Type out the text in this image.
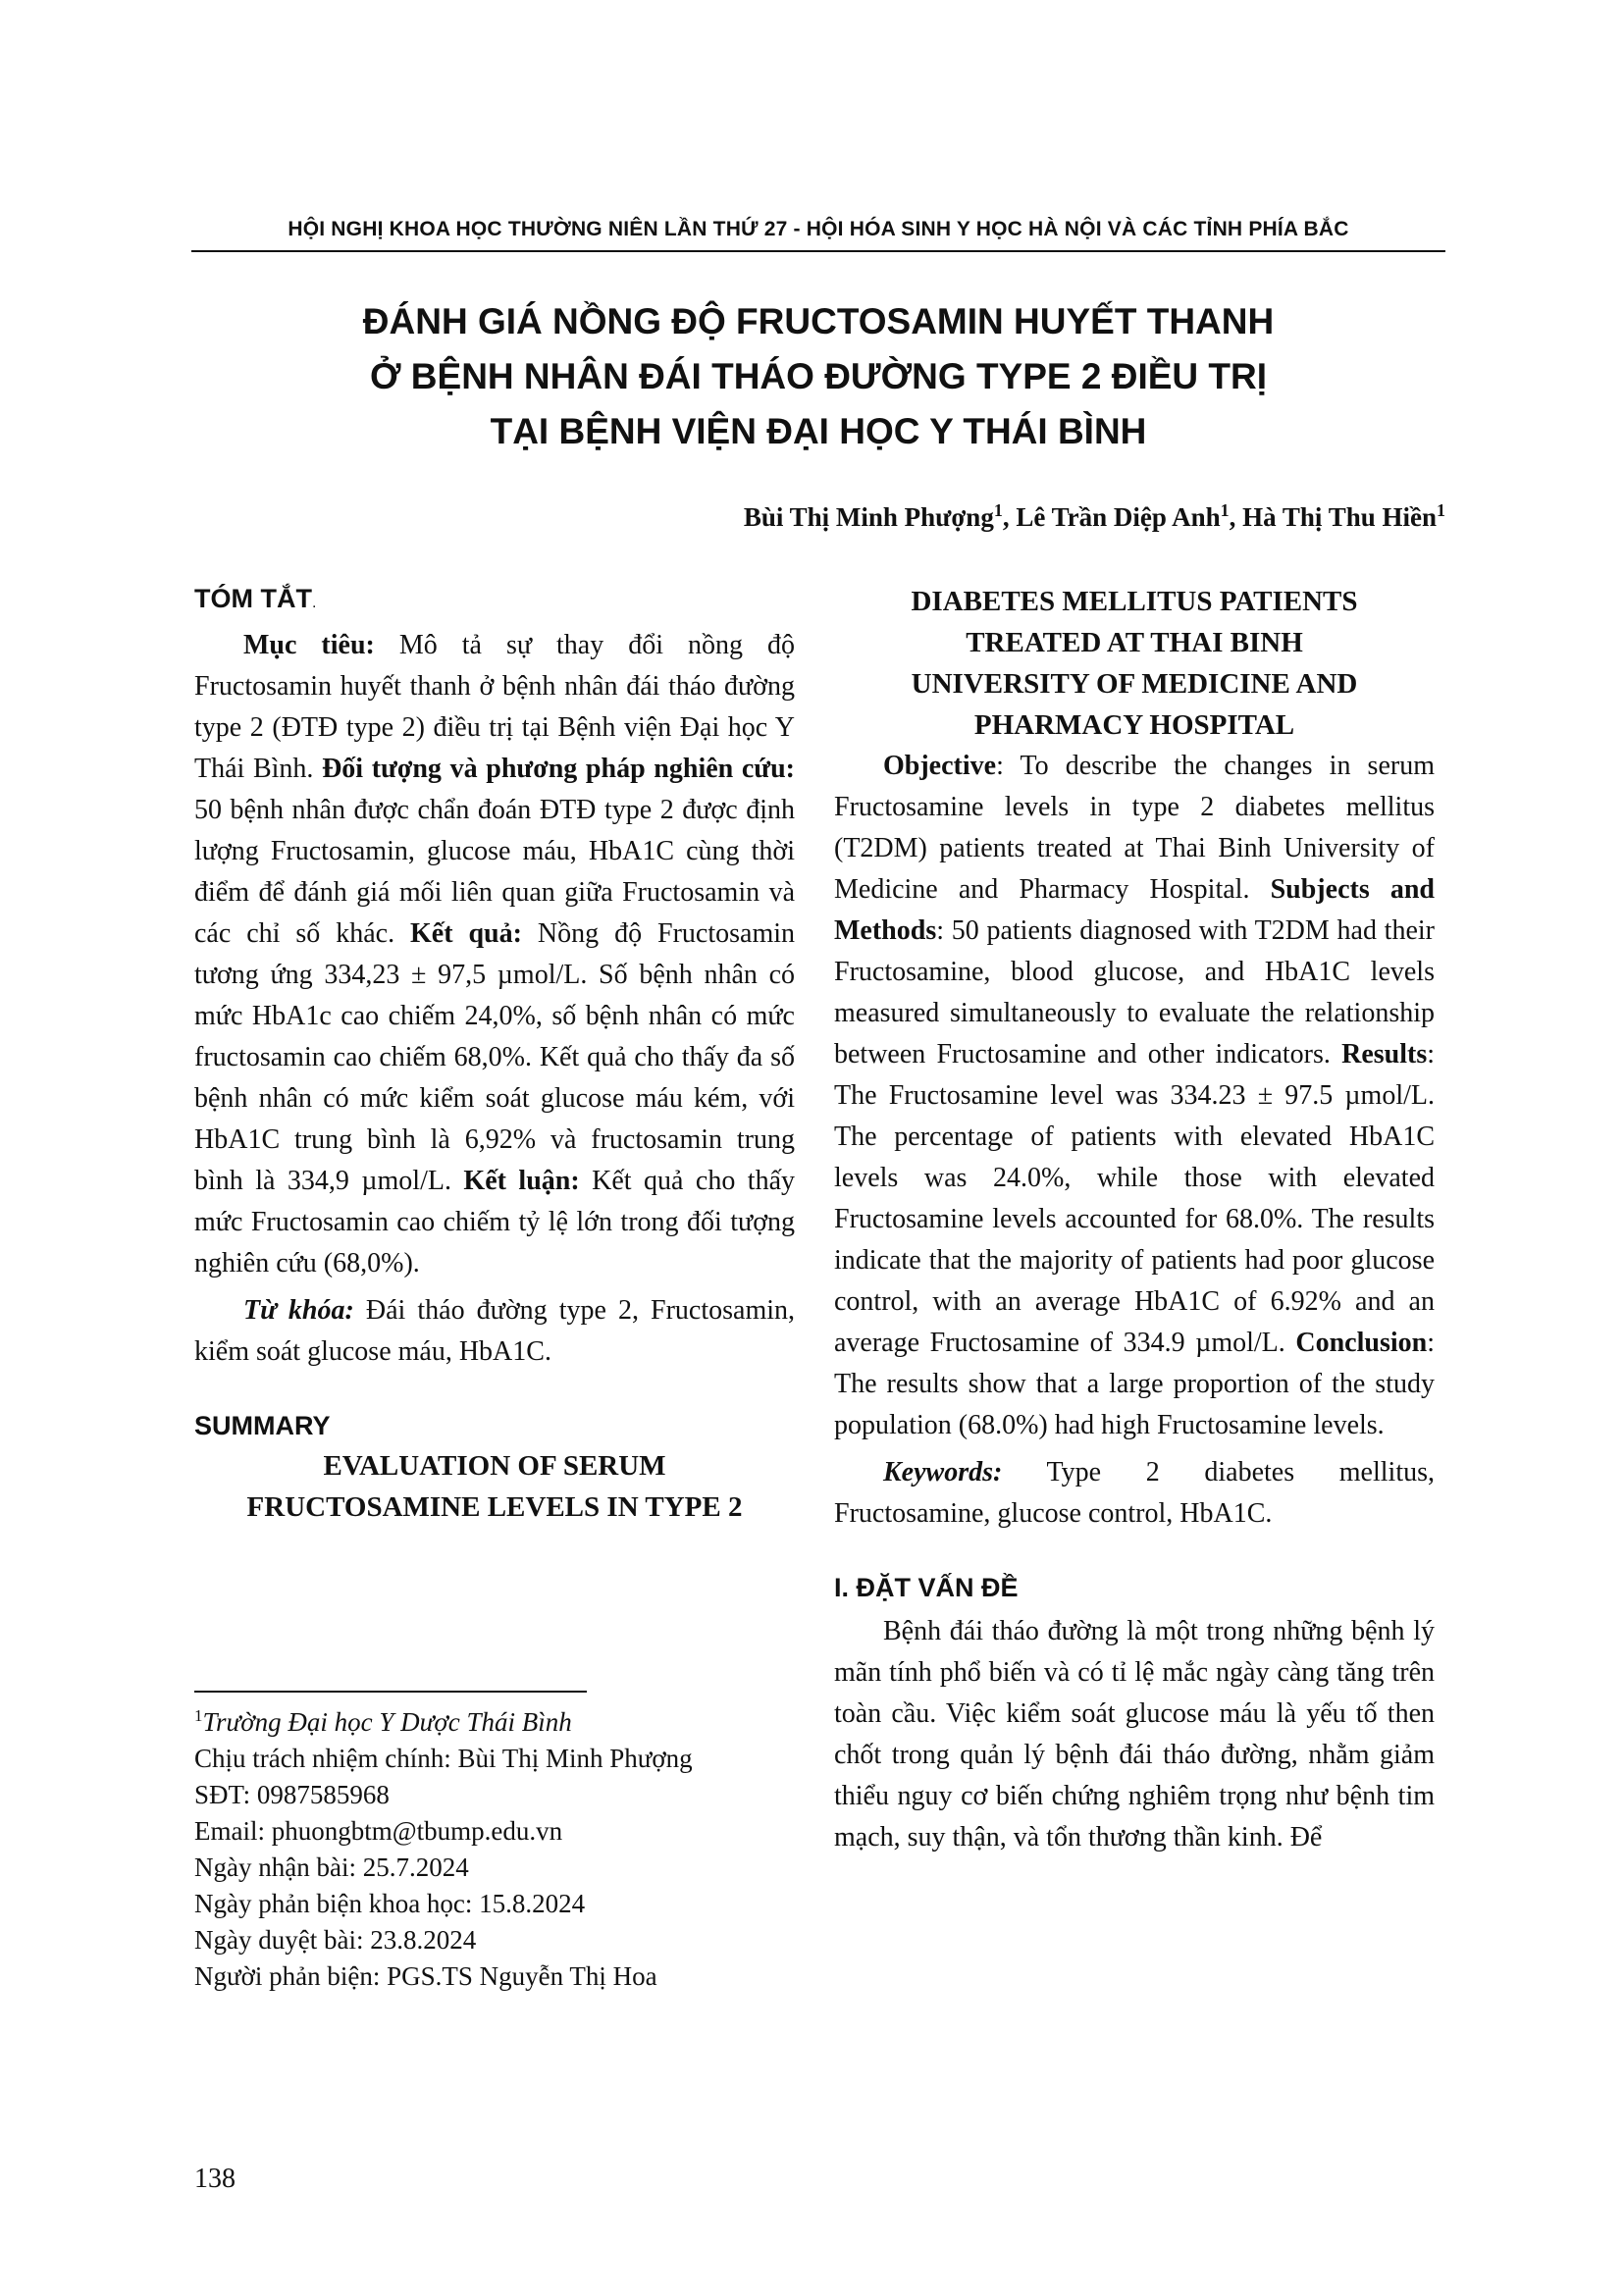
HỘI NGHỊ KHOA HỌC THƯỜNG NIÊN LẦN THỨ 27 - HỘI HÓA SINH Y HỌC HÀ NỘI VÀ CÁC TỈNH PHÍA BẮC
ĐÁNH GIÁ NỒNG ĐỘ FRUCTOSAMIN HUYẾT THANH
Ở BỆNH NHÂN ĐÁI THÁO ĐƯỜNG TYPE 2 ĐIỀU TRỊ
TẠI BỆNH VIỆN ĐẠI HỌC Y THÁI BÌNH
Bùi Thị Minh Phượng$^1$, Lê Trần Diệp Anh$^1$, Hà Thị Thu Hiền$^1$

TÓM TẮT.

Mục tiêu: Mô tả sự thay đổi nồng độ Fructosamin huyết thanh ở bệnh nhân đái tháo đường type 2 (ĐTĐ type 2) điều trị tại Bệnh viện Đại học Y Thái Bình. Đối tượng và phương pháp nghiên cứu: 50 bệnh nhân được chẩn đoán ĐTĐ type 2 được định lượng Fructosamin, glucose máu, HbA1C cùng thời điểm để đánh giá mối liên quan giữa Fructosamin và các chỉ số khác. Kết quả: Nồng độ Fructosamin tương ứng 334,23 ± 97,5 µmol/L. Số bệnh nhân có mức HbA1c cao chiếm 24,0%, số bệnh nhân có mức fructosamin cao chiếm 68,0%. Kết quả cho thấy đa số bệnh nhân có mức kiểm soát glucose máu kém, với HbA1C trung bình là 6,92% và fructosamin trung bình là 334,9 µmol/L. Kết luận: Kết quả cho thấy mức Fructosamin cao chiếm tỷ lệ lớn trong đối tượng nghiên cứu (68,0%).

Từ khóa: Đái tháo đường type 2, Fructosamin, kiểm soát glucose máu, HbA1C.

SUMMARY

EVALUATION OF SERUM
FRUCTOSAMINE LEVELS IN TYPE 2
DIABETES MELLITUS PATIENTS
TREATED AT THAI BINH
UNIVERSITY OF MEDICINE AND
PHARMACY HOSPITAL

Objective: To describe the changes in serum Fructosamine levels in type 2 diabetes mellitus (T2DM) patients treated at Thai Binh University of Medicine and Pharmacy Hospital. Subjects and Methods: 50 patients diagnosed with T2DM had their Fructosamine, blood glucose, and HbA1C levels measured simultaneously to evaluate the relationship between Fructosamine and other indicators. Results: The Fructosamine level was 334.23 ± 97.5 µmol/L. The percentage of patients with elevated HbA1C levels was 24.0%, while those with elevated Fructosamine levels accounted for 68.0%. The results indicate that the majority of patients had poor glucose control, with an average HbA1C of 6.92% and an average Fructosamine of 334.9 µmol/L. Conclusion: The results show that a large proportion of the study population (68.0%) had high Fructosamine levels.

Keywords: Type 2 diabetes mellitus, Fructosamine, glucose control, HbA1C.

I. ĐẶT VẤN ĐỀ

Bệnh đái tháo đường là một trong những bệnh lý mãn tính phổ biến và có tỉ lệ mắc ngày càng tăng trên toàn cầu. Việc kiểm soát glucose máu là yếu tố then chốt trong quản lý bệnh đái tháo đường, nhằm giảm thiểu nguy cơ biến chứng nghiêm trọng như bệnh tim mạch, suy thận, và tổn thương thần kinh. Để

$^1$Trường Đại học Y Dược Thái Bình
Chịu trách nhiệm chính: Bùi Thị Minh Phượng
SĐT: 0987585968
Email: phuongbtm@tbump.edu.vn
Ngày nhận bài: 25.7.2024
Ngày phản biện khoa học: 15.8.2024
Ngày duyệt bài: 23.8.2024
Người phản biện: PGS.TS Nguyễn Thị Hoa
138
